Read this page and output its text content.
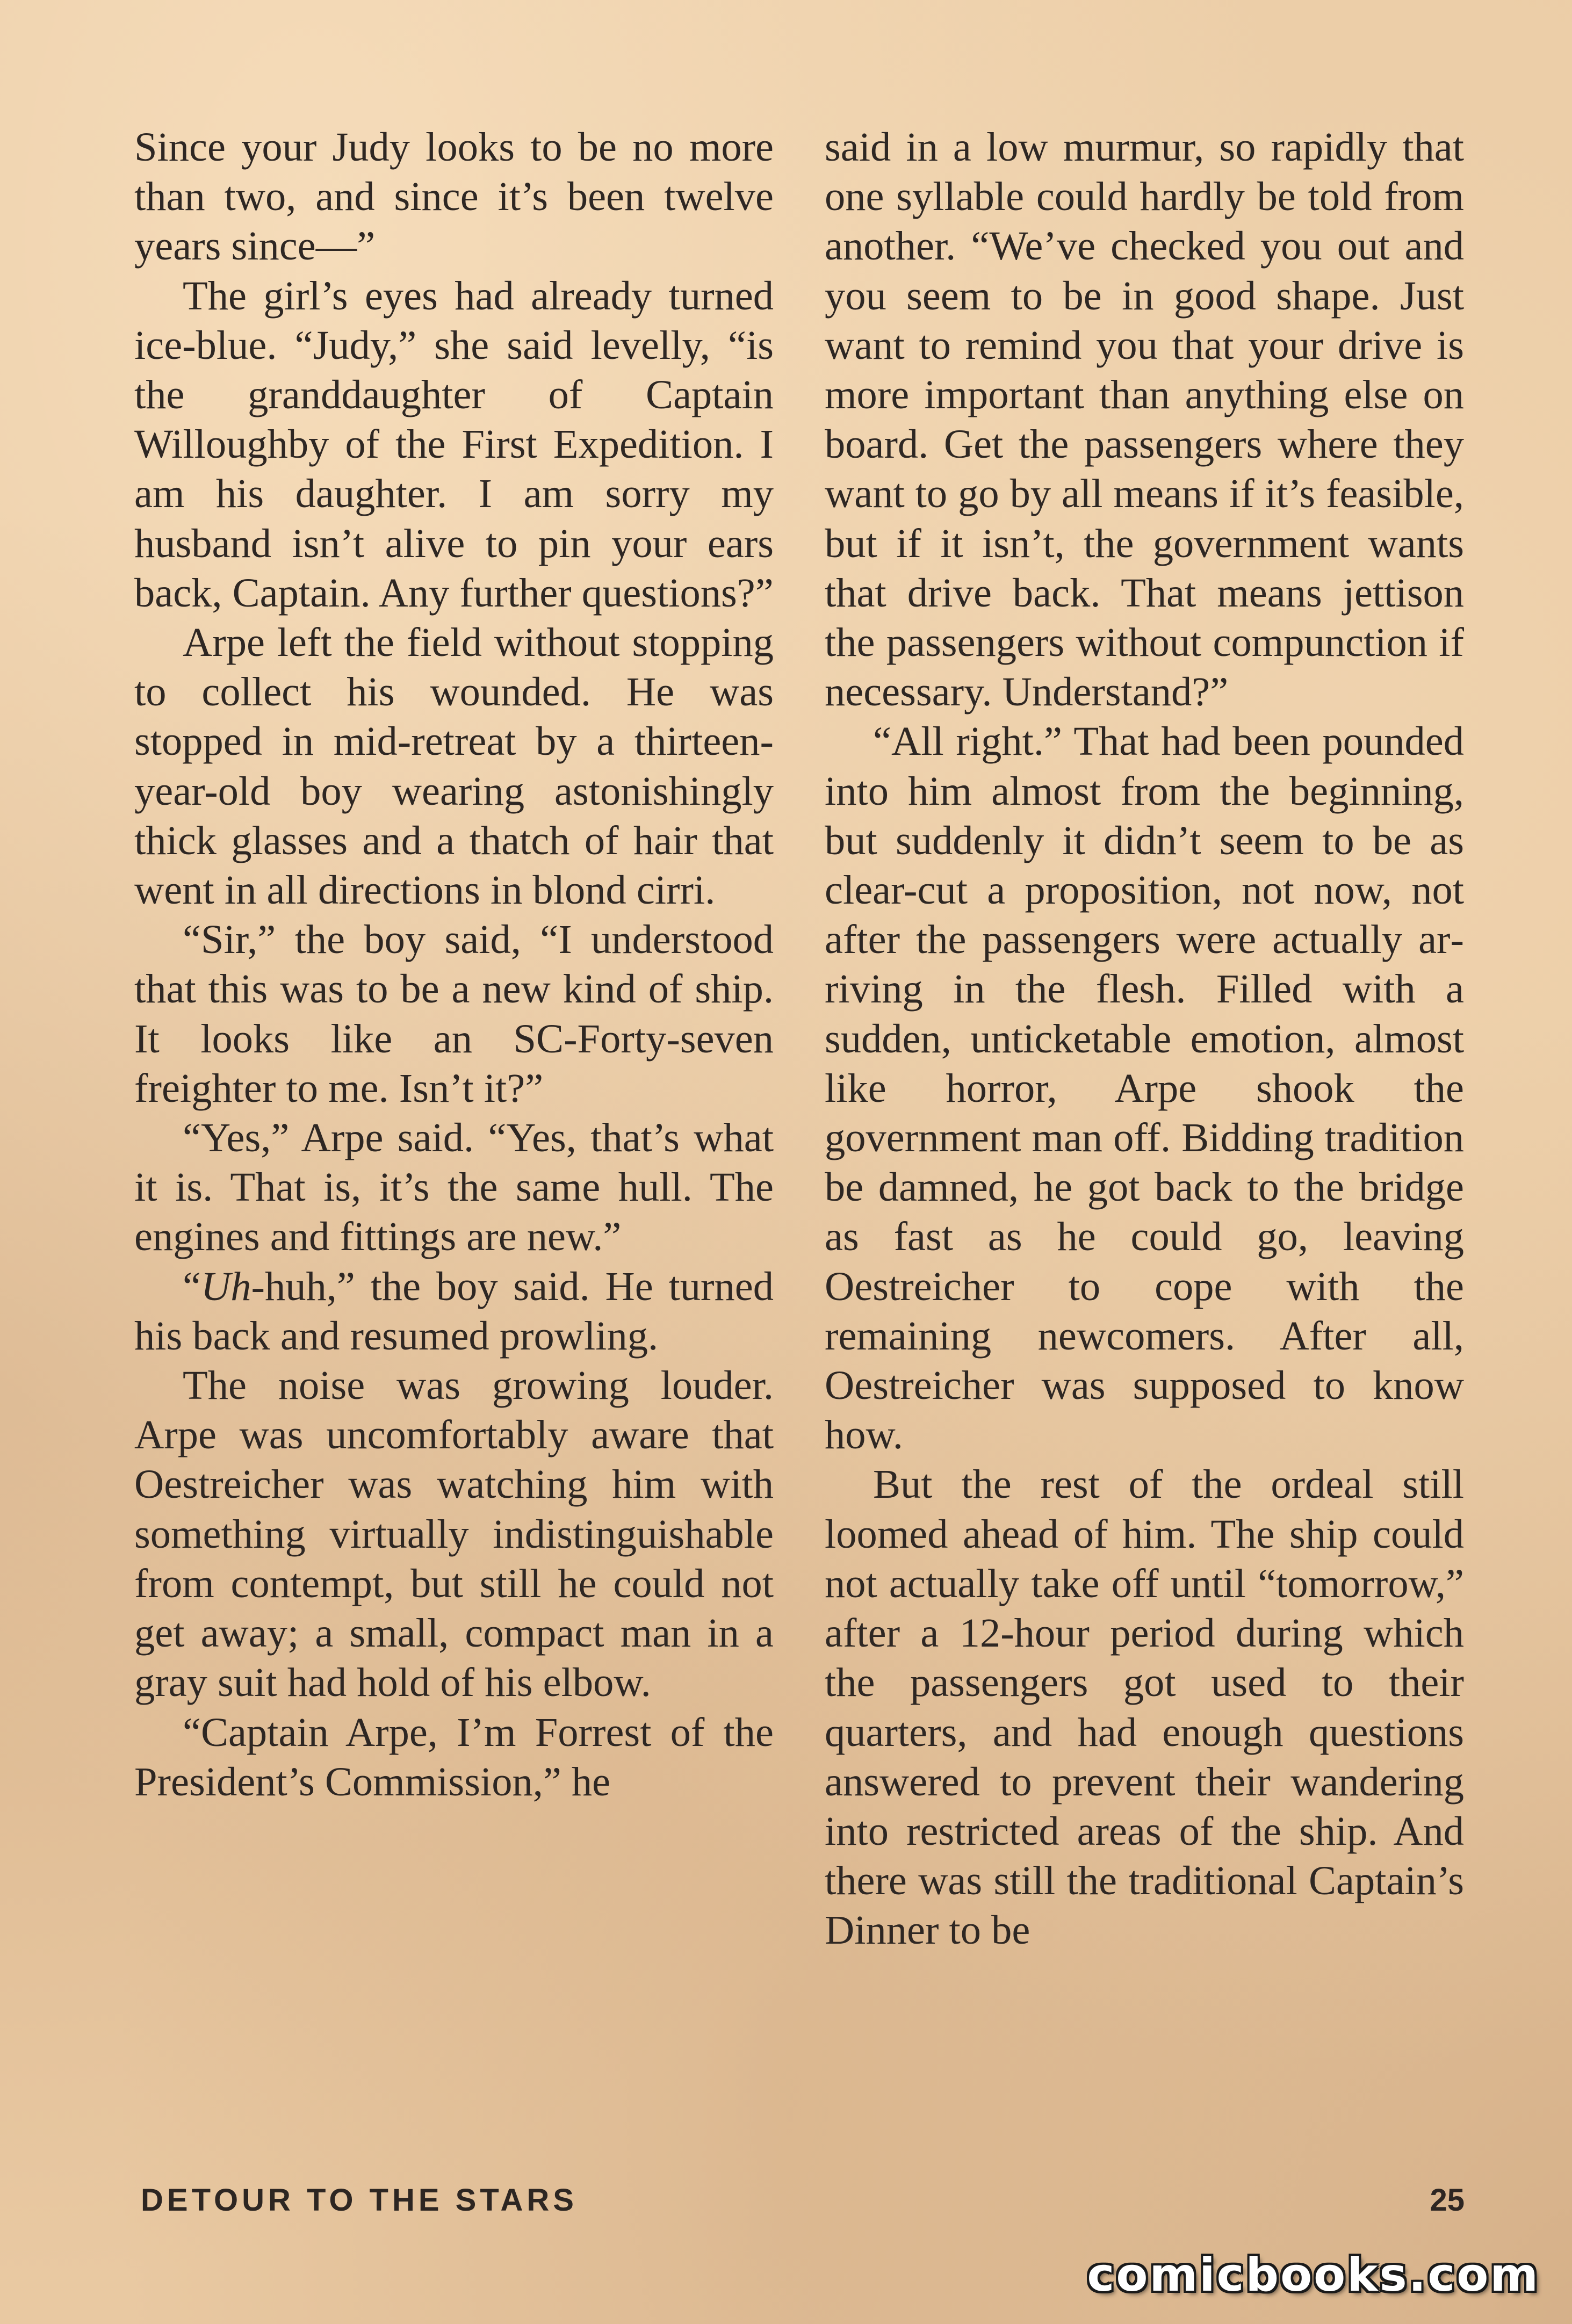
Since your Judy looks to be no more than two, and since it’s been twelve years since—”

The girl’s eyes had already turned ice-blue. “Judy,” she said levelly, “is the granddaughter of Captain Willoughby of the First Expedition. I am his daughter. I am sorry my husband isn’t alive to pin your ears back, Captain. Any further questions?”

Arpe left the field without stopping to collect his wounded. He was stopped in mid-retreat by a thirteen-year-old boy wearing astonishingly thick glasses and a thatch of hair that went in all directions in blond cirri.

“Sir,” the boy said, “I understood that this was to be a new kind of ship. It looks like an SC-Forty-seven freighter to me. Isn’t it?”

“Yes,” Arpe said. “Yes, that’s what it is. That is, it’s the same hull. The engines and fittings are new.”

“Uh-huh,” the boy said. He turned his back and resumed prowling.

The noise was growing louder. Arpe was uncomfortably aware that Oestreicher was watching him with something virtually indistinguishable from contempt, but still he could not get away; a small, compact man in a gray suit had hold of his elbow.

“Captain Arpe, I’m Forrest of the President’s Commission,” he

said in a low murmur, so rapidly that one syllable could hardly be told from another. “We’ve checked you out and you seem to be in good shape. Just want to remind you that your drive is more important than anything else on board. Get the passengers where they want to go by all means if it’s feasible, but if it isn’t, the government wants that drive back. That means jettison the passengers without compunction if necessary. Understand?”

“All right.” That had been pounded into him almost from the beginning, but suddenly it didn’t seem to be as clear-cut a proposition, not now, not after the passengers were actually arriving in the flesh. Filled with a sudden, unticketable emotion, almost like horror, Arpe shook the government man off. Bidding tradition be damned, he got back to the bridge as fast as he could go, leaving Oestreicher to cope with the remaining newcomers. After all, Oestreicher was supposed to know how.

But the rest of the ordeal still loomed ahead of him. The ship could not actually take off until “tomorrow,” after a 12-hour period during which the passengers got used to their quarters, and had enough questions answered to prevent their wandering into restricted areas of the ship. And there was still the traditional Captain’s Dinner to be

DETOUR TO THE STARS	25
comicbooks.com
